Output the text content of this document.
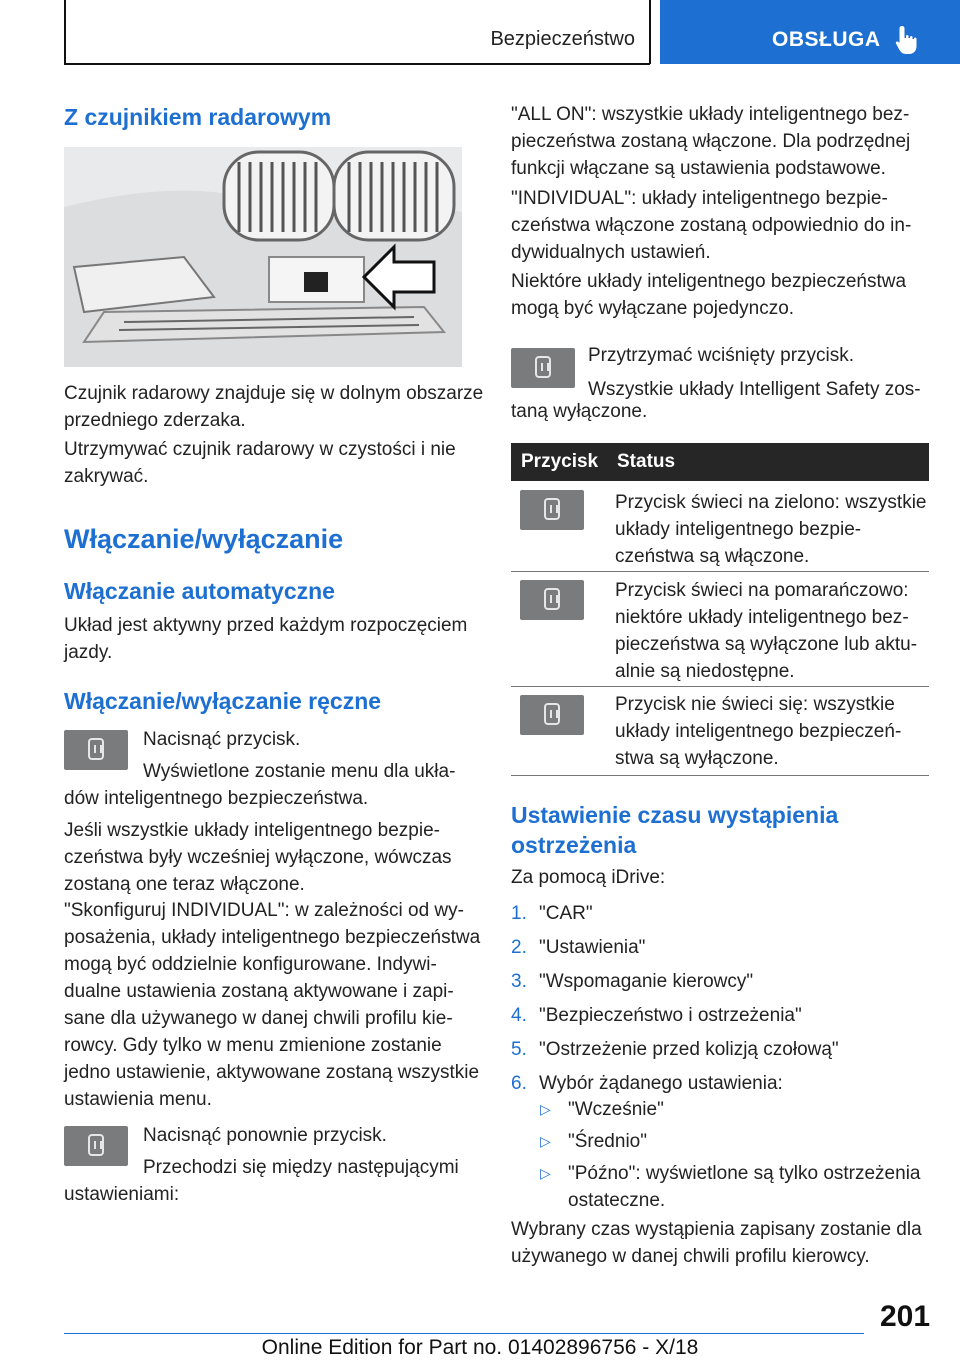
Bezpieczeństwo	OBSŁUGA
Z czujnikiem radarowym

Czujnik radarowy znajduje się w dolnym obszarze przedniego zderzaka.

Utrzymywać czujnik radarowy w czystości i nie zakrywać.

Włączanie/wyłączanie
Włączanie automatyczne

Układ jest aktywny przed każdym rozpoczęciem jazdy.

Włączanie/wyłączanie ręczne

Nacisnąć przycisk.

Wyświetlone zostanie menu dla ukła-

dów inteligentnego bezpieczeństwa.

Jeśli wszystkie układy inteligentnego bezpieczeństwa były wcześniej wyłączone, wówczas zostaną one teraz włączone.

"Skonfiguruj INDIVIDUAL": w zależności od wyposażenia, układy inteligentnego bezpieczeństwa mogą być oddzielnie konfigurowane. Indywidualne ustawienia zostaną aktywowane i zapisane dla używanego w danej chwili profilu kierowcy. Gdy tylko w menu zmienione zostanie jedno ustawienie, aktywowane zostaną wszystkie ustawienia menu.

Nacisnąć ponownie przycisk.

Przechodzi się między następującymi

ustawieniami:

"ALL ON": wszystkie układy inteligentnego bezpieczeństwa zostaną włączone. Dla podrzędnej funkcji włączane są ustawienia podstawowe.

"INDIVIDUAL": układy inteligentnego bezpieczeństwa włączone zostaną odpowiednio do indywidualnych ustawień.

Niektóre układy inteligentnego bezpieczeństwa mogą być wyłączane pojedynczo.

Przytrzymać wciśnięty przycisk.

Wszystkie układy Intelligent Safety zos-

taną wyłączone.

Przycisk Status

Przycisk świeci na zielono: wszystkie układy inteligentnego bezpieczeństwa są włączone.

Przycisk świeci na pomarańczowo: niektóre układy inteligentnego bezpieczeństwa są wyłączone lub aktualnie są niedostępne.

Przycisk nie świeci się: wszystkie układy inteligentnego bezpieczeństwa są wyłączone.

Ustawienie czasu wystąpienia ostrzeżenia

Za pomocą iDrive:

1. "CAR"
2. "Ustawienia"
3. "Wspomaganie kierowcy"
4. "Bezpieczeństwo i ostrzeżenia"
5. "Ostrzeżenie przed kolizją czołową"
6. Wybór żądanego ustawienia:
▷ "Wcześnie"
▷ "Średnio"
▷ "Późno": wyświetlone są tylko ostrzeżenia ostateczne.

Wybrany czas wystąpienia zapisany zostanie dla używanego w danej chwili profilu kierowcy.

201
Online Edition for Part no. 01402896756 - X/18
